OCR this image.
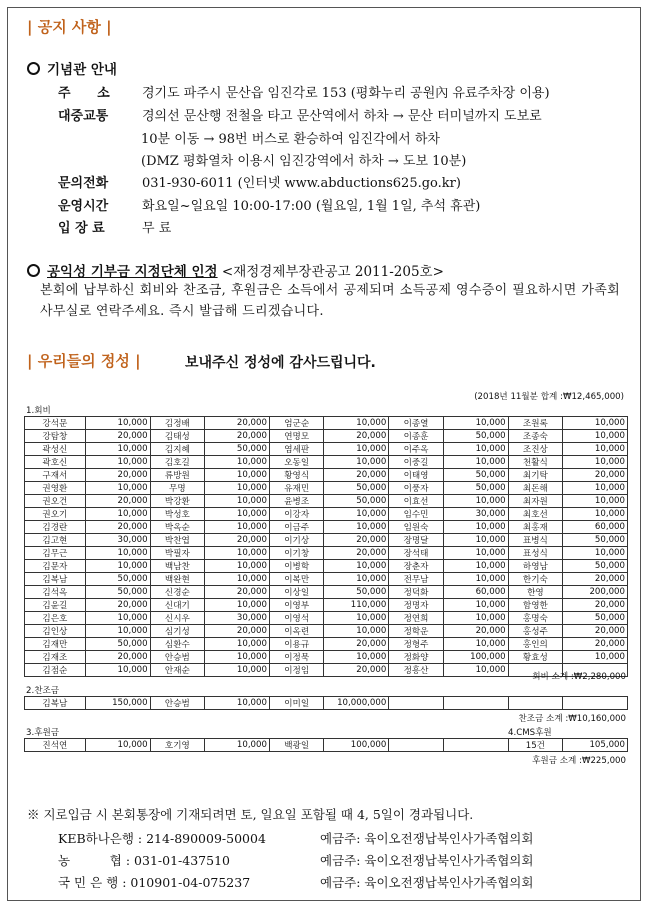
| 공지 사항 |
기념관 안내
주 소 경기도 파주시 문산읍 임진각로 153 (평화누리 공원內 유료주차장 이용)
대중교통	경의선 문산행 전철을 타고 문산역에서 하차 → 문산 터미널까지 도보로
10분 이동 → 98번 버스로 환승하여 임진각에서 하차
(DMZ 평화열차 이용시 임진강역에서 하차 → 도보 10분)
문의전화	031-930-6011 (인터넷 www.abductions625.go.kr)
운영시간	화요일~일요일 10:00-17:00 (월요일, 1월 1일, 추석 휴관)
입 장 료	무 료
공익성 기부금 지정단체 인정 <재정경제부장관공고 2011-205호>
본회에 납부하신 회비와 찬조금, 후원금은 소득에서 공제되며 소득공제 영수증이 필요하시면 가족회 사무실로 연락주세요. 즉시 발급해 드리겠습니다.
| 우리들의 정성 |	보내주신 정성에 감사드립니다.
(2018년 11월분 합계 :₩12,465,000)
1.회비
강석문	10,000	김정배	20,000	엄군순	10,000	이종열	10,000	조원록	10,000
강탐창	20,000	김태성	20,000	연명모	20,000	이종훈	50,000	조종숙	10,000
곽성신	10,000	김지혜	50,000	염세판	10,000	이주옥	10,000	조진상	10,000
곽호신	10,000	김호길	10,000	오동일	10,000	이중길	10,000	천활식	10,000
구재서	20,000	류방원	10,000	황영식	20,000	이태영	50,000	최기탁	20,000
권영환	10,000	무명	10,000	유재민	50,000	이풍자	50,000	최돈해	10,000
권오건	20,000	박강환	10,000	윤병조	50,000	이효선	10,000	최자원	10,000
권오기	10,000	박성호	10,000	이강자	10,000	임수민	30,000	최호선	10,000
김경란	20,000	박옥순	10,000	이금주	10,000	임원숙	10,000	최홍재	60,000
김고현	30,000	박찬엽	20,000	이기상	20,000	장명달	10,000	표병식	50,000
김무근	10,000	박필자	10,000	이기창	20,000	장석태	10,000	표성식	10,000
김문자	10,000	백남찬	10,000	이병학	10,000	장춘자	10,000	하영남	50,000
김복남	50,000	백완현	10,000	이복만	10,000	전무남	10,000	한기숙	20,000
김석옥	50,000	신경순	20,000	이상일	50,000	정덕화	60,000	한영	200,000
김윤길	20,000	신대기	10,000	이영부	110,000	정명자	10,000	함영한	20,000
김은호	10,000	신시우	30,000	이영석	10,000	정연희	10,000	홍명숙	50,000
김인상	10,000	심기성	20,000	이옥련	10,000	정학운	20,000	홍성주	20,000
김재만	50,000	심환수	10,000	이용규	20,000	정형주	10,000	홍인의	20,000
김재조	20,000	안승범	10,000	이정묵	10,000	정화양	100,000	황효성	10,000
김점순	10,000	안재순	10,000	이정임	20,000	정흥산	10,000		
회비 소계 :₩2,280,000
2.찬조금
김복남	150,000	안승범	10,000	이미일	10,000,000				
찬조금 소계 :₩10,160,000
3.후원금	4.CMS후원
진석연	10,000	호기영	10,000	백광일	100,000			15건	105,000
후원금 소계 :₩225,000
※ 지로입금 시 본회통장에 기재되려면 토, 일요일 포함될 때 4, 5일이 경과됩니다.
KEB하나은행 : 214-890009-50004	예금주: 육이오전쟁납북인사가족협의회
농          협 : 031-01-437510	예금주: 육이오전쟁납북인사가족협의회
국 민 은 행 : 010901-04-075237	예금주: 육이오전쟁납북인사가족협의회
